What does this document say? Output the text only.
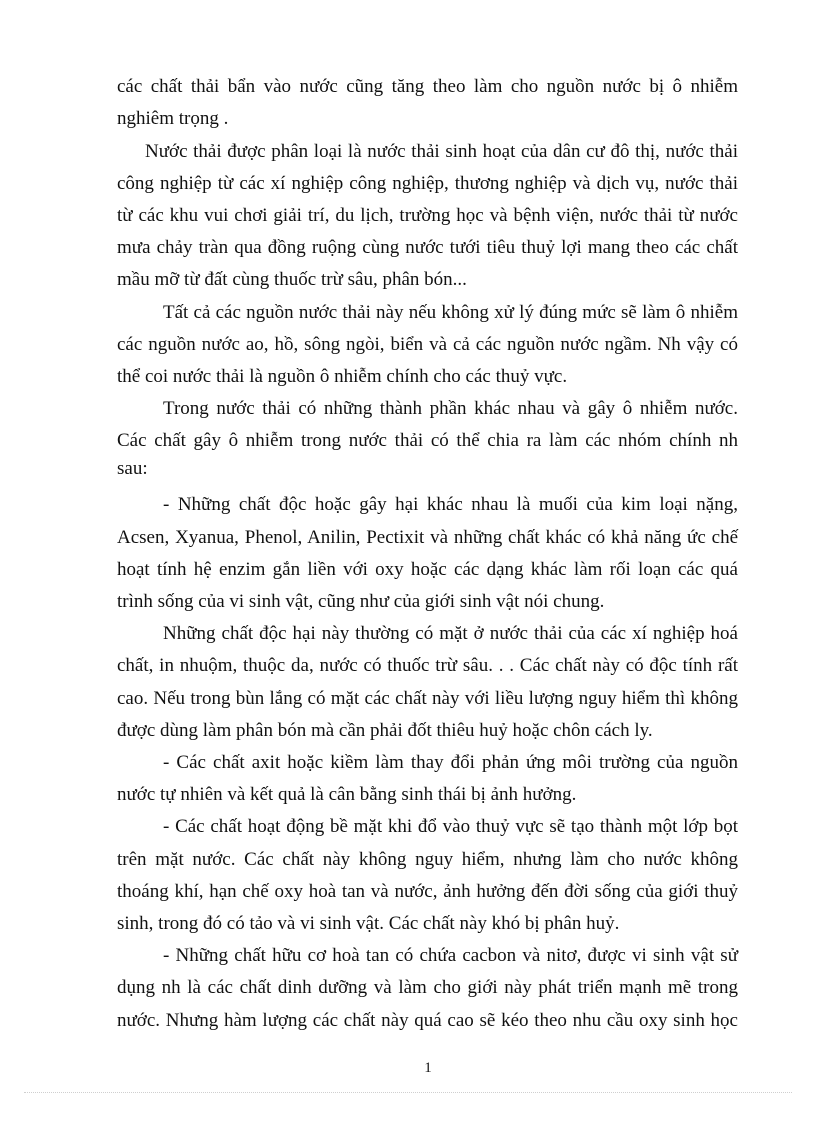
các chất thải bẩn vào nước cũng tăng theo làm cho nguồn nước bị ô nhiễm
nghiêm trọng .
Nước thải được phân loại là nước thải sinh hoạt của dân cư đô thị, nước thải
công nghiệp từ các xí nghiệp công nghiệp, thương nghiệp và dịch vụ, nước thải
từ các khu vui chơi giải trí, du lịch, trường học và bệnh viện, nước thải từ nước
mưa chảy tràn qua đồng ruộng cùng nước tưới tiêu thuỷ lợi mang theo các chất
mầu mỡ từ đất cùng thuốc trừ sâu, phân bón...
Tất cả các nguồn nước thải này nếu không xử lý đúng mức sẽ làm ô nhiễm
các nguồn nước ao, hồ, sông ngòi, biển và cả các nguồn nước ngầm. Nh vậy có
thể coi nước thải là nguồn ô nhiễm chính cho các thuỷ vực.
Trong nước thải có những thành phần khác nhau và gây ô nhiễm nước.
Các chất gây ô nhiễm trong nước thải có thể chia ra làm các nhóm chính nh
sau:
- Những chất độc hoặc gây hại khác nhau là muối của kim loại nặng,
Acsen, Xyanua, Phenol, Anilin, Pectixit và những chất khác có khả năng ức chế
hoạt tính hệ enzim gắn liền với oxy hoặc các dạng khác làm rối loạn các quá
trình sống của vi sinh vật, cũng như của giới sinh vật nói chung.
Những chất độc hại này thường có mặt ở nước thải của các xí nghiệp hoá
chất, in nhuộm, thuộc da, nước có thuốc trừ sâu. . . Các chất này có độc tính rất
cao. Nếu trong bùn lắng có mặt các chất này với liều lượng nguy hiểm thì không
được dùng làm phân bón mà cần phải đốt thiêu huỷ hoặc chôn cách ly.
- Các chất axit hoặc kiềm làm thay đổi phản ứng môi trường của nguồn
nước tự nhiên và kết quả là cân bằng sinh thái bị ảnh hưởng.
- Các chất hoạt động bề mặt khi đổ vào thuỷ vực sẽ tạo thành một lớp bọt
trên mặt nước. Các chất này không nguy hiểm, nhưng làm cho nước không
thoáng khí, hạn chế oxy hoà tan và nước, ảnh hưởng đến đời sống của giới thuỷ
sinh, trong đó có tảo và vi sinh vật. Các chất này khó bị phân huỷ.
- Những chất hữu cơ hoà tan có chứa cacbon và nitơ, được vi sinh vật sử
dụng nh là các chất dinh dưỡng và làm cho giới này phát triển mạnh mẽ trong
nước. Nhưng hàm lượng các chất này quá cao sẽ kéo theo nhu cầu oxy sinh học
1
